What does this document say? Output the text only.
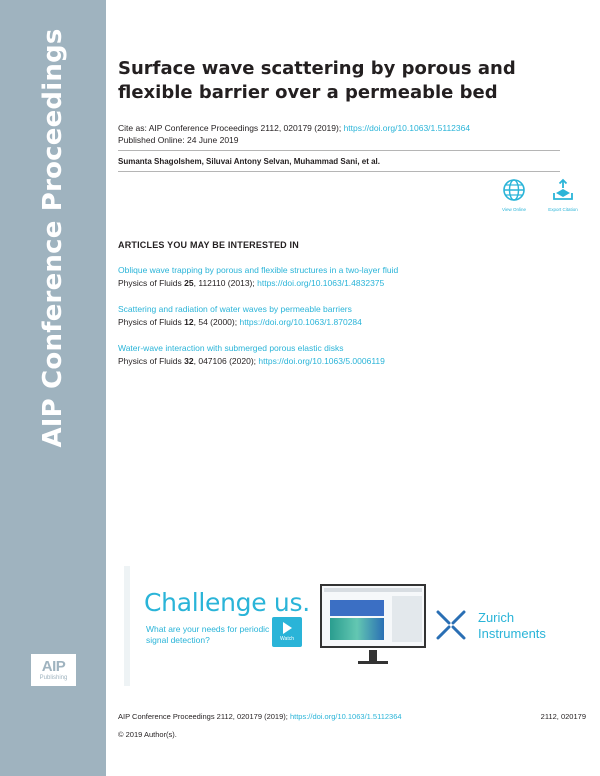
AIP Conference Proceedings
AIP
Publishing
Surface wave scattering by porous and flexible barrier over a permeable bed
Cite as: AIP Conference Proceedings 2112, 020179 (2019); https://doi.org/10.1063/1.5112364
Published Online: 24 June 2019
Sumanta Shagolshem, Siluvai Antony Selvan, Muhammad Sani, et al.
View Online	Export Citation
ARTICLES YOU MAY BE INTERESTED IN
Oblique wave trapping by porous and flexible structures in a two-layer fluid
Physics of Fluids 25, 112110 (2013); https://doi.org/10.1063/1.4832375
Scattering and radiation of water waves by permeable barriers
Physics of Fluids 12, 54 (2000); https://doi.org/10.1063/1.870284
Water-wave interaction with submerged porous elastic disks
Physics of Fluids 32, 047106 (2020); https://doi.org/10.1063/5.0006119
Challenge us.
What are your needs for periodic signal detection?	Watch
Zurich
Instruments
AIP Conference Proceedings 2112, 020179 (2019); https://doi.org/10.1063/1.5112364	2112, 020179
© 2019 Author(s).
